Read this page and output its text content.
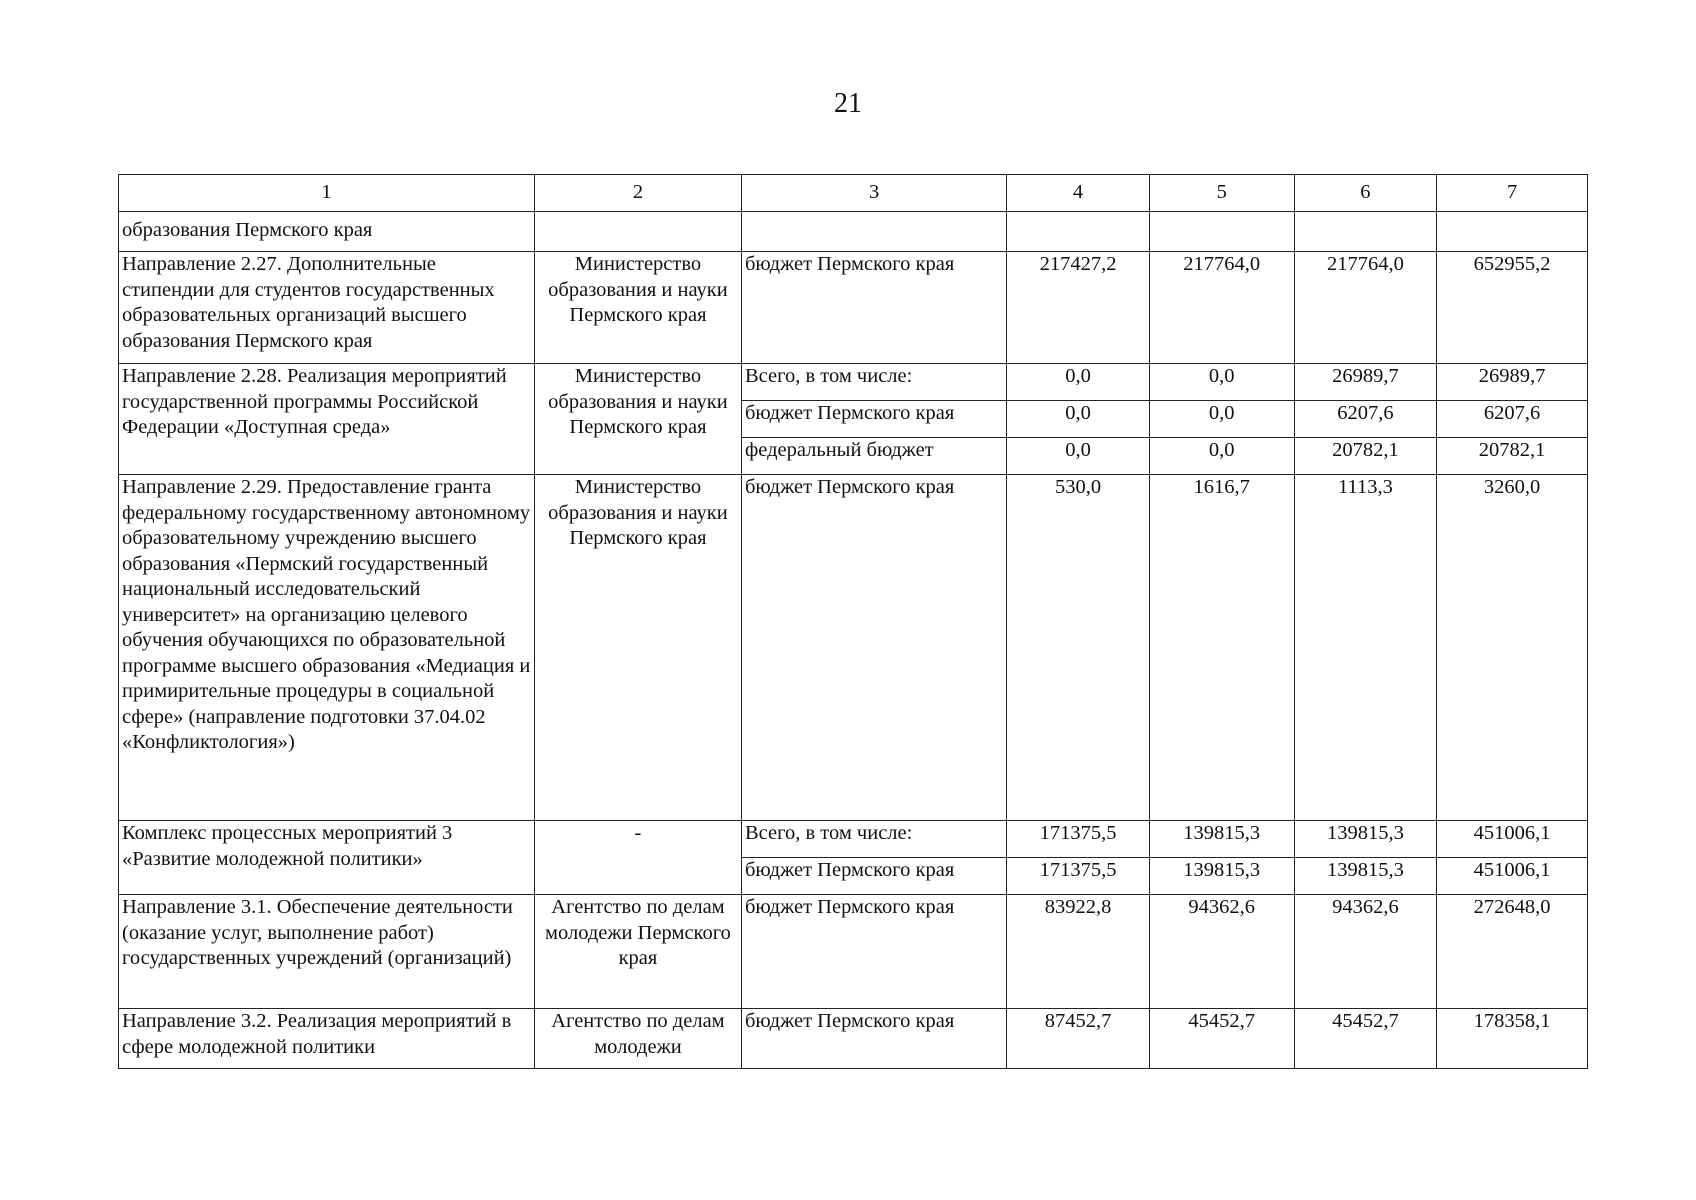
21
1	2	3	4	5	6	7
образования Пермского края						
Направление 2.27. Дополнительные стипендии для студентов государственных образовательных организаций высшего образования Пермского края	Министерство образования и науки Пермского края	бюджет Пермского края	217427,2	217764,0	217764,0	652955,2
Направление 2.28. Реализация мероприятий государственной программы Российской Федерации «Доступная среда»	Министерство образования и науки Пермского края	Всего, в том числе:	0,0	0,0	26989,7	26989,7
		бюджет Пермского края	0,0	0,0	6207,6	6207,6
		федеральный бюджет	0,0	0,0	20782,1	20782,1
Направление 2.29. Предоставление гранта федеральному государственному автономному образовательному учреждению высшего образования «Пермский государственный национальный исследовательский университет» на организацию целевого обучения обучающихся по образовательной программе высшего образования «Медиация и примирительные процедуры в социальной сфере» (направление подготовки 37.04.02 «Конфликтология»)	Министерство образования и науки Пермского края	бюджет Пермского края	530,0	1616,7	1113,3	3260,0
Комплекс процессных мероприятий 3 «Развитие молодежной политики»	-	Всего, в том числе:	171375,5	139815,3	139815,3	451006,1
		бюджет Пермского края	171375,5	139815,3	139815,3	451006,1
Направление 3.1. Обеспечение деятельности (оказание услуг, выполнение работ) государственных учреждений (организаций)	Агентство по делам молодежи Пермского края	бюджет Пермского края	83922,8	94362,6	94362,6	272648,0
Направление 3.2. Реализация мероприятий в сфере молодежной политики	Агентство по делам молодежи	бюджет Пермского края	87452,7	45452,7	45452,7	178358,1
